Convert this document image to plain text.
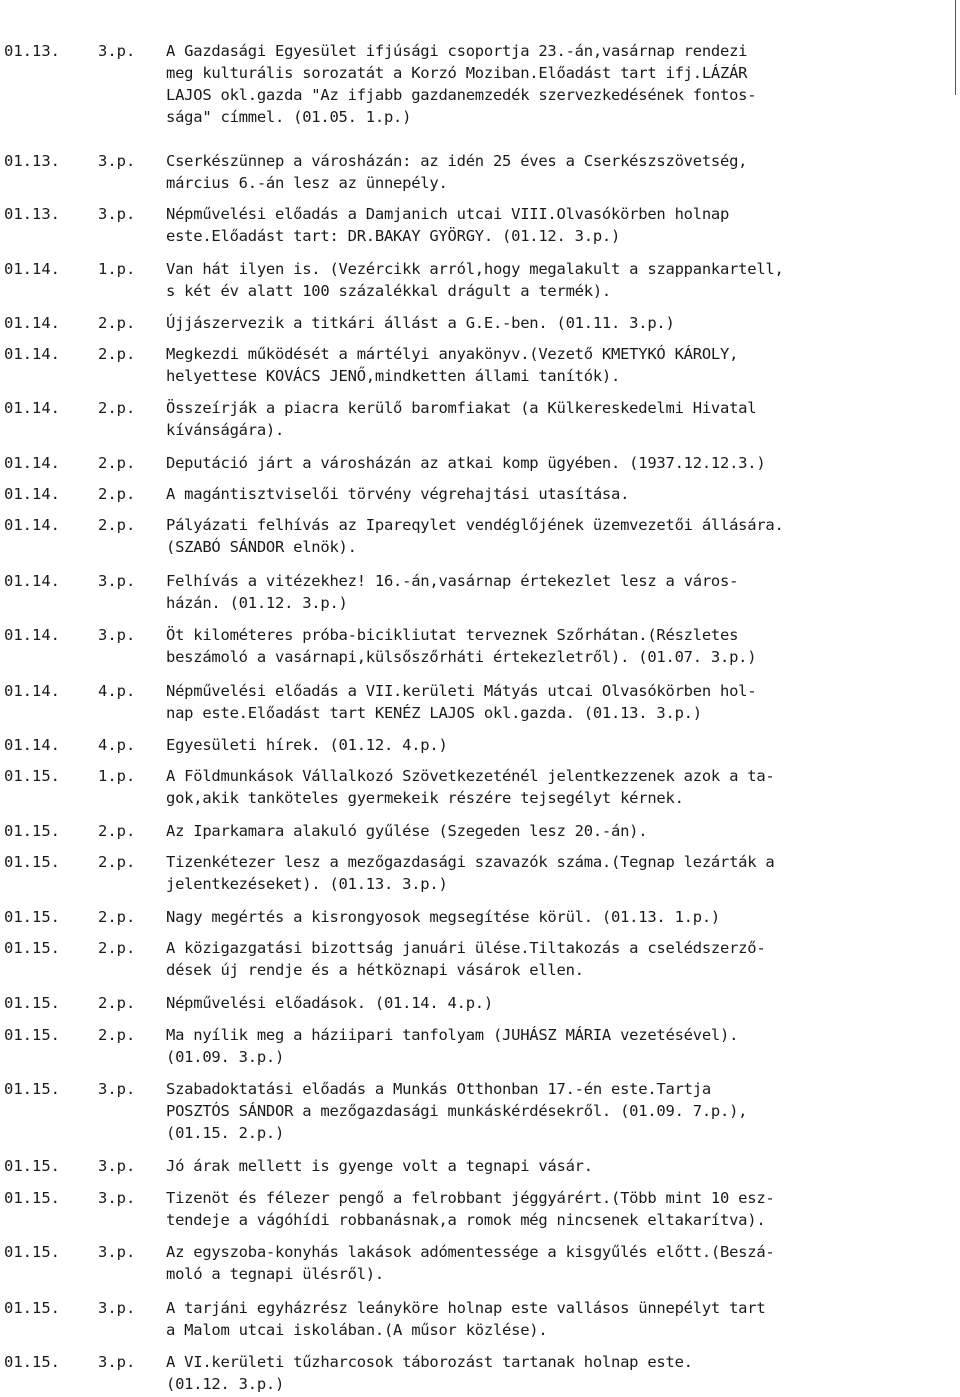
01.13. 3.p. A Gazdasági Egyesület ifjúsági csoportja 23.-án,vasárnap rendezi
meg kulturális sorozatát a Korzó Moziban.Előadást tart ifj.LÁZÁR
LAJOS okl.gazda "Az ifjabb gazdanemzedék szervezkedésének fontos-
sága" címmel. (01.05. 1.p.)
01.13. 3.p. Cserkészünnep a városházán: az idén 25 éves a Cserkészszövetség,
március 6.-án lesz az ünnepély.
01.13. 3.p. Népművelési előadás a Damjanich utcai VIII.Olvasókörben holnap
este.Előadást tart: DR.BAKAY GYÖRGY. (01.12. 3.p.)
01.14. 1.p. Van hát ilyen is. (Vezércikk arról,hogy megalakult a szappankartell,
s két év alatt 100 százalékkal drágult a termék).
01.14. 2.p. Újjászervezik a titkári állást a G.E.-ben. (01.11. 3.p.)
01.14. 2.p. Megkezdi működését a mártélyi anyakönyv.(Vezető KMETYKÓ KÁROLY,
helyettese KOVÁCS JENŐ,mindketten állami tanítók).
01.14. 2.p. Összeírják a piacra kerülő baromfiakat (a Külkereskedelmi Hivatal
kívánságára).
01.14. 2.p. Deputáció járt a városházán az atkai komp ügyében. (1937.12.12.3.)
01.14. 2.p. A magántisztviselői törvény végrehajtási utasítása.
01.14. 2.p. Pályázati felhívás az Ipareqylet vendéglőjének üzemvezetői állására.
(SZABÓ SÁNDOR elnök).
01.14. 3.p. Felhívás a vitézekhez! 16.-án,vasárnap értekezlet lesz a város-
házán. (01.12. 3.p.)
01.14. 3.p. Öt kilométeres próba-bicikliutat terveznek Szőrhátan.(Részletes
beszámoló a vasárnapi,külsőszőrháti értekezletről). (01.07. 3.p.)
01.14. 4.p. Népművelési előadás a VII.kerületi Mátyás utcai Olvasókörben hol-
nap este.Előadást tart KENÉZ LAJOS okl.gazda. (01.13. 3.p.)
01.14. 4.p. Egyesületi hírek. (01.12. 4.p.)
01.15. 1.p. A Földmunkások Vállalkozó Szövetkezeténél jelentkezzenek azok a ta-
gok,akik tanköteles gyermekeik részére tejsegélyt kérnek.
01.15. 2.p. Az Iparkamara alakuló gyűlése (Szegeden lesz 20.-án).
01.15. 2.p. Tizenkétezer lesz a mezőgazdasági szavazók száma.(Tegnap lezárták a
jelentkezéseket). (01.13. 3.p.)
01.15. 2.p. Nagy megértés a kisrongyosok megsegítése körül. (01.13. 1.p.)
01.15. 2.p. A közigazgatási bizottság januári ülése.Tiltakozás a cselédszerző-
dések új rendje és a hétköznapi vásárok ellen.
01.15. 2.p. Népművelési előadások. (01.14. 4.p.)
01.15. 2.p. Ma nyílik meg a háziipari tanfolyam (JUHÁSZ MÁRIA vezetésével).
(01.09. 3.p.)
01.15. 3.p. Szabadoktatási előadás a Munkás Otthonban 17.-én este.Tartja
POSZTÓS SÁNDOR a mezőgazdasági munkáskérdésekről. (01.09. 7.p.),
(01.15. 2.p.)
01.15. 3.p. Jó árak mellett is gyenge volt a tegnapi vásár.
01.15. 3.p. Tizenöt és félezer pengő a felrobbant jéggyárért.(Több mint 10 esz-
tendeje a vágóhídi robbanásnak,a romok még nincsenek eltakarítva).
01.15. 3.p. Az egyszoba-konyhás lakások adómentessége a kisgyűlés előtt.(Beszá-
moló a tegnapi ülésről).
01.15. 3.p. A tarjáni egyházrész leányköre holnap este vallásos ünnepélyt tart
a Malom utcai iskolában.(A műsor közlése).
01.15. 3.p. A VI.kerületi tűzharcosok táborozást tartanak holnap este.
(01.12. 3.p.)
